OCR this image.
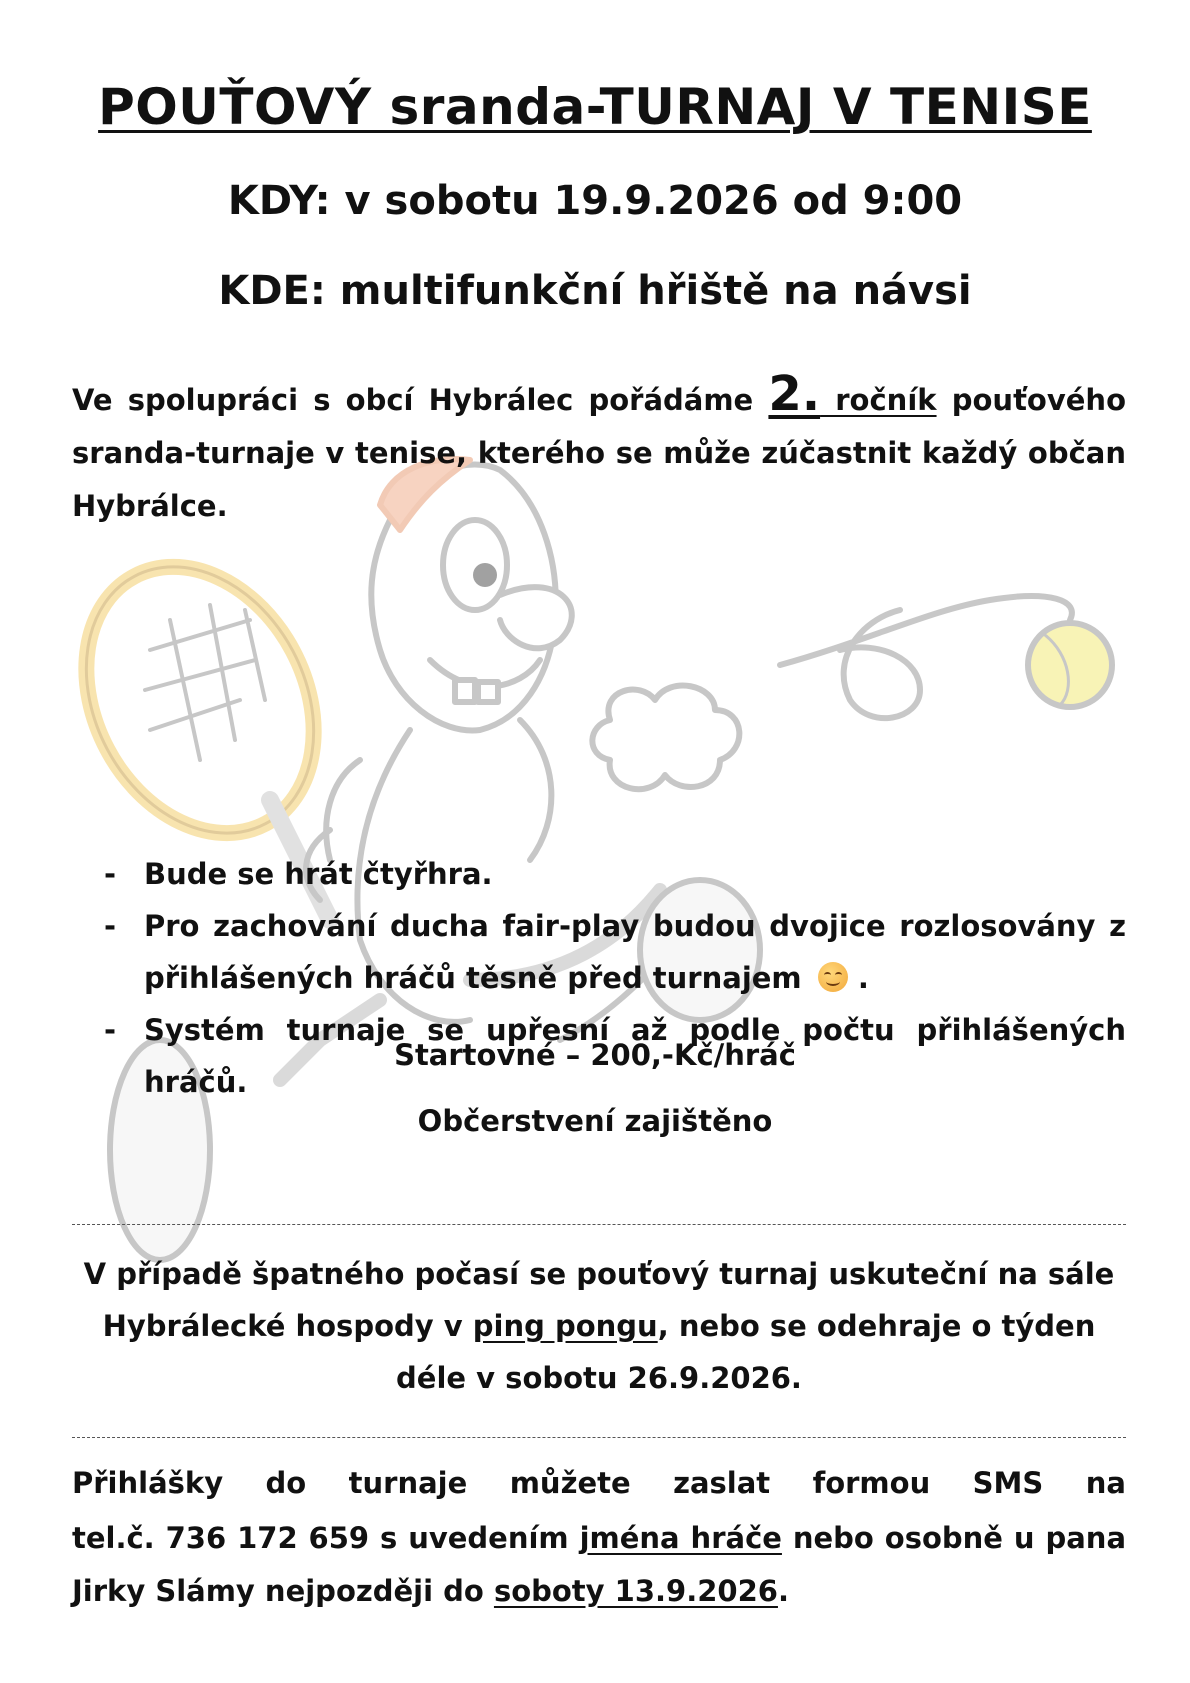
POUŤOVÝ sranda-TURNAJ V TENISE
KDY: v sobotu 19.9.2026 od 9:00
KDE: multifunkční hřiště na návsi
Ve spolupráci s obcí Hybrálec pořádáme 2. ročník pouťového sranda-turnaje v tenise, kterého se může zúčastnit každý občan Hybrálce.
- Bude se hrát čtyřhra.
- Pro zachování ducha fair-play budou dvojice rozlosovány z přihlášených hráčů těsně před turnajem .
- Systém turnaje se upřesní až podle počtu přihlášených hráčů.
Startovné – 200,-Kč/hráč
Občerstvení zajištěno
V případě špatného počasí se pouťový turnaj uskuteční na sále Hybrálecké hospody v ping pongu, nebo se odehraje o týden déle v sobotu 26.9.2026.
Přihlášky do turnaje můžete zaslat formou SMS na
tel.č. 736 172 659 s uvedením jména hráče nebo osobně u pana Jirky Slámy nejpozději do soboty 13.9.2026.
